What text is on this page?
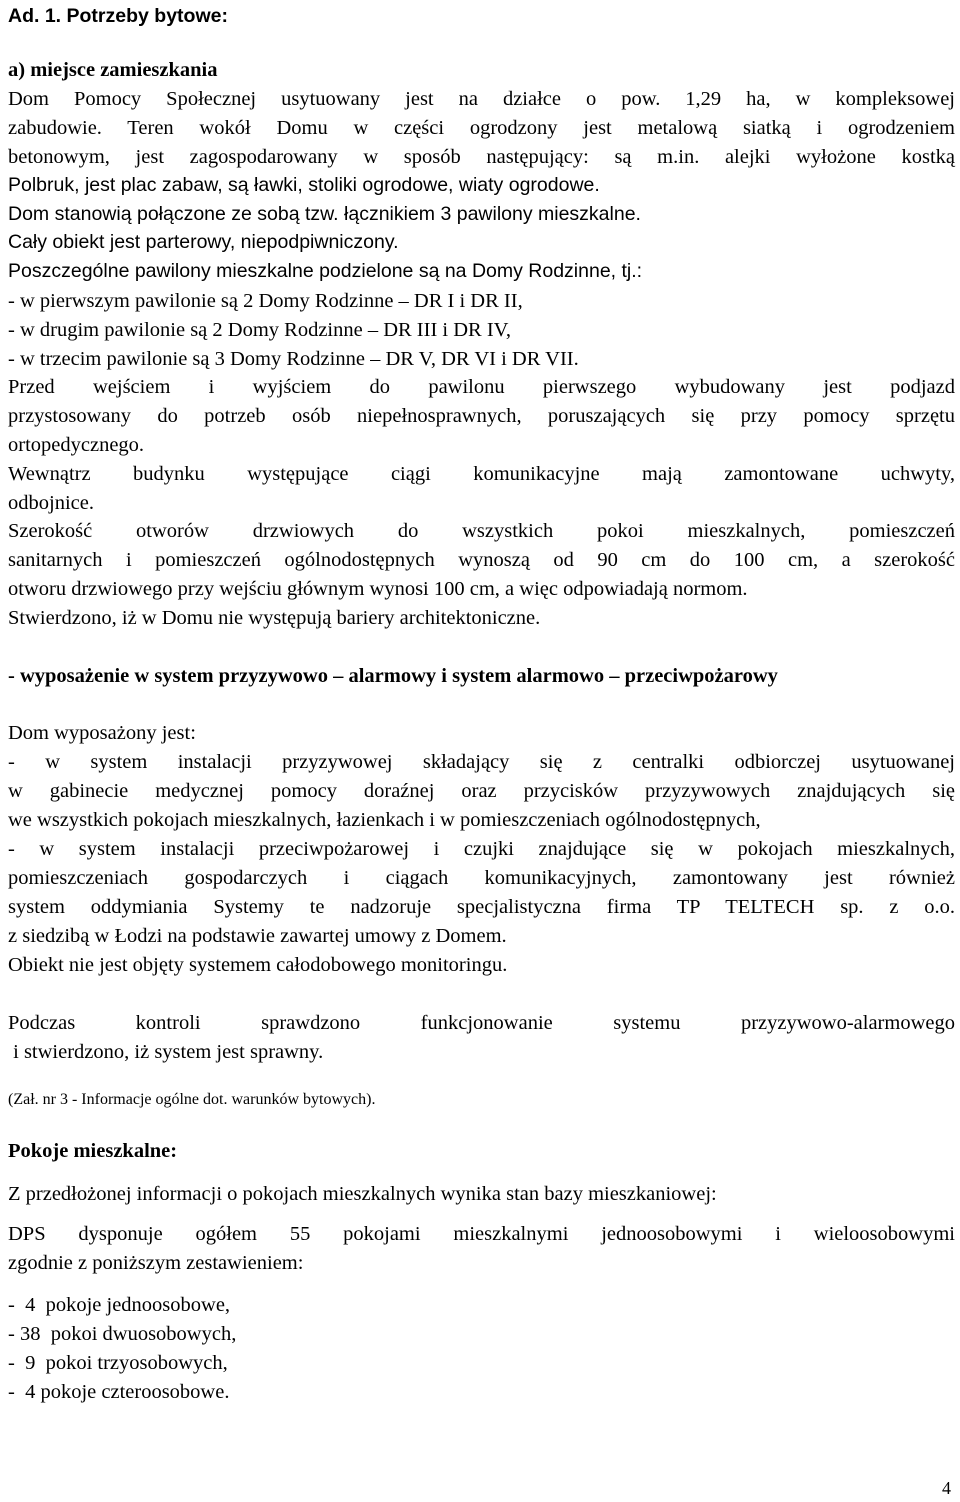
Ad. 1. Potrzeby bytowe:
a) miejsce zamieszkania
Dom Pomocy Społecznej usytuowany jest na działce o pow. 1,29 ha, w kompleksowej
zabudowie. Teren wokół Domu w części ogrodzony jest metalową siatką i ogrodzeniem
betonowym, jest zagospodarowany w sposób następujący: są m.in. alejki wyłożone kostką
Polbruk, jest plac zabaw, są ławki, stoliki ogrodowe, wiaty ogrodowe.
Dom stanowią połączone ze sobą tzw. łącznikiem 3 pawilony mieszkalne.
Cały obiekt jest parterowy, niepodpiwniczony.
Poszczególne pawilony mieszkalne podzielone są na Domy Rodzinne, tj.:
- w pierwszym pawilonie są 2 Domy Rodzinne – DR I i DR II,
- w drugim pawilonie są 2 Domy Rodzinne – DR III i DR IV,
- w trzecim pawilonie są 3 Domy Rodzinne – DR V, DR VI i DR VII.
Przed wejściem i wyjściem do pawilonu pierwszego wybudowany jest podjazd
przystosowany do potrzeb osób niepełnosprawnych, poruszających się przy pomocy sprzętu
ortopedycznego.
Wewnątrz budynku występujące ciągi komunikacyjne mają zamontowane uchwyty,
odbojnice.
Szerokość otworów drzwiowych do wszystkich pokoi mieszkalnych, pomieszczeń
sanitarnych i pomieszczeń ogólnodostępnych wynoszą od 90 cm do 100 cm, a szerokość
otworu drzwiowego przy wejściu głównym wynosi 100 cm, a więc odpowiadają normom.
Stwierdzono, iż w Domu nie występują bariery architektoniczne.
- wyposażenie w system przyzywowo – alarmowy i system alarmowo – przeciwpożarowy
Dom wyposażony jest:
- w system instalacji przyzywowej składający się z centralki odbiorczej usytuowanej
w gabinecie medycznej pomocy doraźnej oraz przycisków przyzywowych znajdujących się
we wszystkich pokojach mieszkalnych, łazienkach i w pomieszczeniach ogólnodostępnych,
- w system instalacji przeciwpożarowej i czujki znajdujące się w pokojach mieszkalnych,
pomieszczeniach gospodarczych i ciągach komunikacyjnych, zamontowany jest również
system oddymiania Systemy te nadzoruje specjalistyczna firma TP TELTECH sp. z o.o.
z siedzibą w Łodzi na podstawie zawartej umowy z Domem.
Obiekt nie jest objęty systemem całodobowego monitoringu.
Podczas kontroli sprawdzono funkcjonowanie systemu przyzywowo-alarmowego
i stwierdzono, iż system jest sprawny.
(Zał. nr 3 - Informacje ogólne dot. warunków bytowych).
Pokoje mieszkalne:
Z przedłożonej informacji o pokojach mieszkalnych wynika stan bazy mieszkaniowej:
DPS dysponuje ogółem 55 pokojami mieszkalnymi jednoosobowymi i wieloosobowymi
zgodnie z poniższym zestawieniem:
-  4  pokoje jednoosobowe,
- 38  pokoi dwuosobowych,
-  9  pokoi trzyosobowych,
-  4 pokoje czteroosobowe.
4
